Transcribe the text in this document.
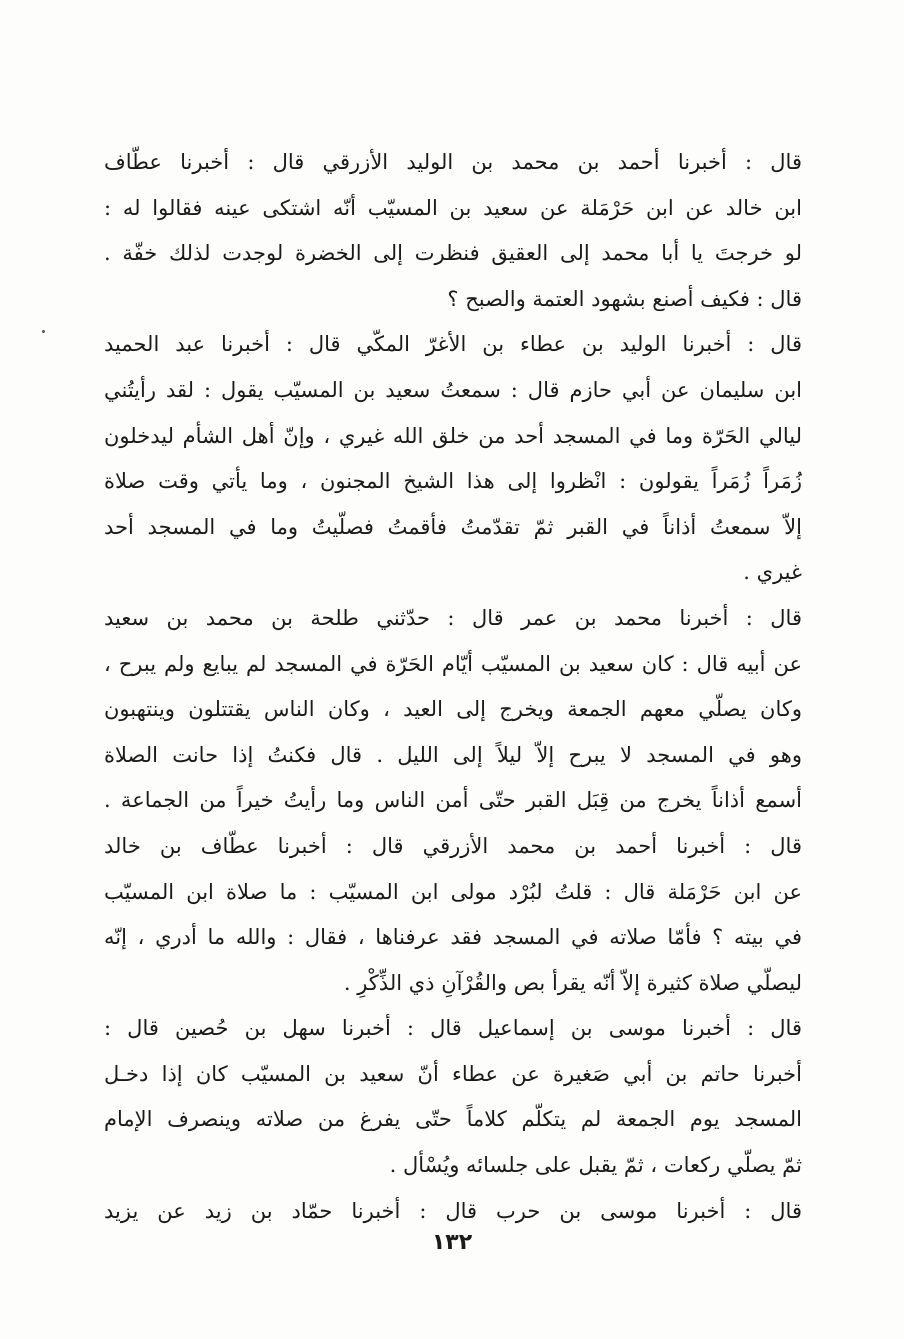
قال : أخبرنا أحمد بن محمد بن الوليد الأزرقي قال : أخبرنا عطّاف
ابن خالد عن ابن حَرْمَلة عن سعيد بن المسيّب أنّه اشتكى عينه فقالوا له :
لو خرجتَ يا أبا محمد إلى العقيق فنظرت إلى الخضرة لوجدت لذلك خفّة .
قال : فكيف أصنع بشهود العتمة والصبح ؟
قال : أخبرنا الوليد بن عطاء بن الأغرّ المكّي قال : أخبرنا عبد الحميد
ابن سليمان عن أبي حازم قال : سمعتُ سعيد بن المسيّب يقول : لقد رأيتُني
ليالي الحَرّة وما في المسجد أحد من خلق الله غيري ، وإنّ أهل الشأم ليدخلون
زُمَراً زُمَراً يقولون : انْظروا إلى هذا الشيخ المجنون ، وما يأتي وقت صلاة
إلاّ سمعتُ أذاناً في القبر ثمّ تقدّمتُ فأقمتُ فصلّيتُ وما في المسجد أحد
غيري .
قال : أخبرنا محمد بن عمر قال : حدّثني طلحة بن محمد بن سعيد
عن أبيه قال : كان سعيد بن المسيّب أيّام الحَرّة في المسجد لم يبايع ولم يبرح ،
وكان يصلّي معهم الجمعة ويخرج إلى العيد ، وكان الناس يقتتلون وينتهبون
وهو في المسجد لا يبرح إلاّ ليلاً إلى الليل . قال فكنتُ إذا حانت الصلاة
أسمع أذاناً يخرج من قِبَل القبر حتّى أمن الناس وما رأيتُ خيراً من الجماعة .
قال : أخبرنا أحمد بن محمد الأزرقي قال : أخبرنا عطّاف بن خالد
عن ابن حَرْمَلة قال : قلتُ لبُرْد مولى ابن المسيّب : ما صلاة ابن المسيّب
في بيته ؟ فأمّا صلاته في المسجد فقد عرفناها ، فقال : والله ما أدري ، إنّه
ليصلّي صلاة كثيرة إلاّ أنّه يقرأ بص والقُرْآنِ ذي الذِّكْرِ .
قال : أخبرنا موسى بن إسماعيل قال : أخبرنا سهل بن حُصين قال :
أخبرنا حاتم بن أبي صَغيرة عن عطاء أنّ سعيد بن المسيّب كان إذا دخـل
المسجد يوم الجمعة لم يتكلّم كلاماً حتّى يفرغ من صلاته وينصرف الإمام
ثمّ يصلّي ركعات ، ثمّ يقبل على جلسائه ويُسْأل .
قال : أخبرنا موسى بن حرب قال : أخبرنا حمّاد بن زيد عن يزيد
١٣٢
